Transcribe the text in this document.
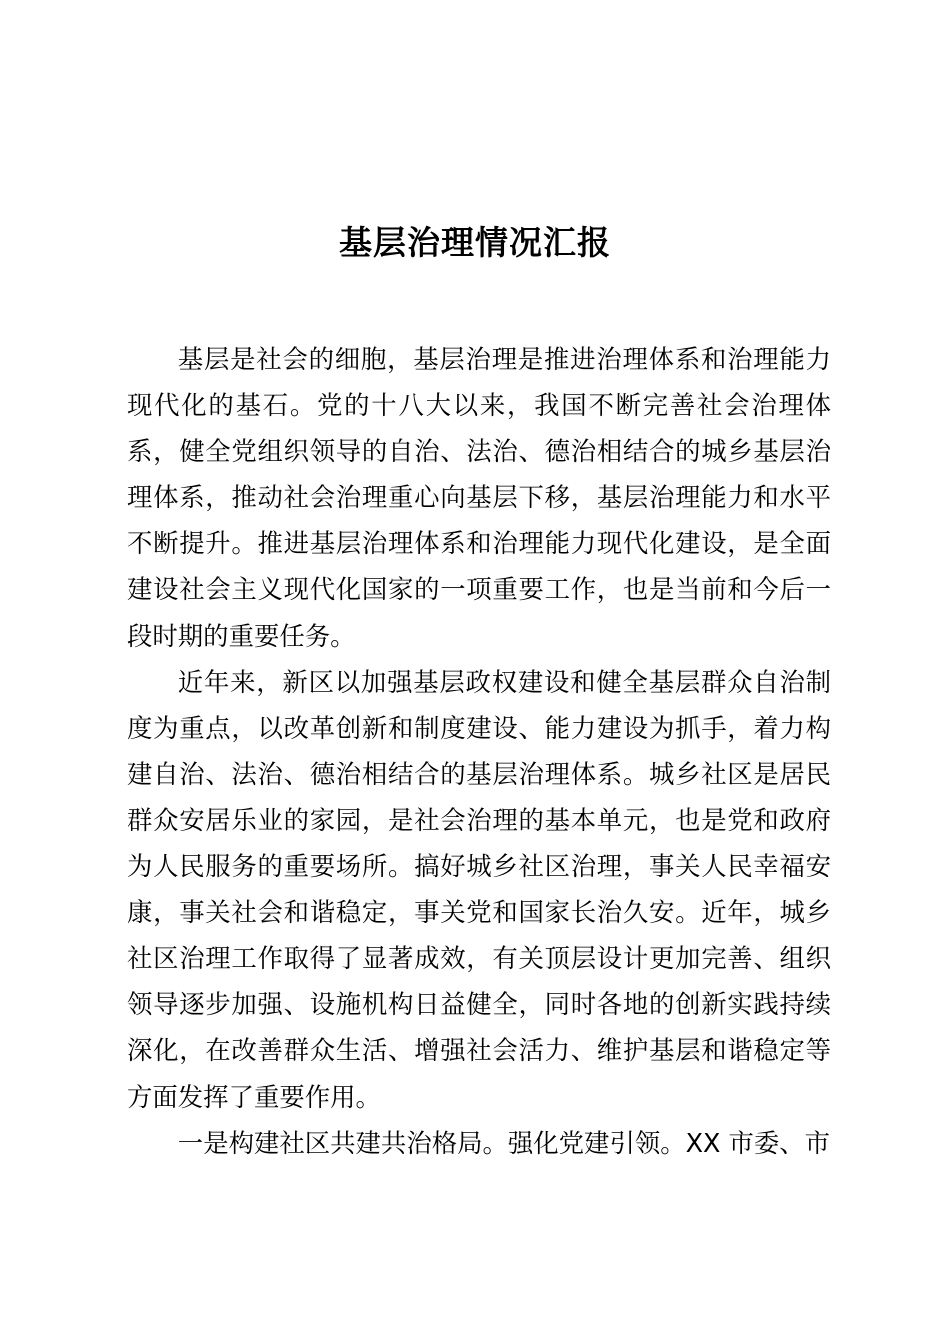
基层治理情况汇报

基层是社会的细胞，基层治理是推进治理体系和治理能力现代化的基石。党的十八大以来，我国不断完善社会治理体系，健全党组织领导的自治、法治、德治相结合的城乡基层治理体系，推动社会治理重心向基层下移，基层治理能力和水平不断提升。推进基层治理体系和治理能力现代化建设，是全面建设社会主义现代化国家的一项重要工作，也是当前和今后一段时期的重要任务。

近年来，新区以加强基层政权建设和健全基层群众自治制度为重点，以改革创新和制度建设、能力建设为抓手，着力构建自治、法治、德治相结合的基层治理体系。城乡社区是居民群众安居乐业的家园，是社会治理的基本单元，也是党和政府为人民服务的重要场所。搞好城乡社区治理，事关人民幸福安康，事关社会和谐稳定，事关党和国家长治久安。近年，城乡社区治理工作取得了显著成效，有关顶层设计更加完善、组织领导逐步加强、设施机构日益健全，同时各地的创新实践持续深化，在改善群众生活、增强社会活力、维护基层和谐稳定等方面发挥了重要作用。

一是构建社区共建共治格局。强化党建引领。XX 市委、市
